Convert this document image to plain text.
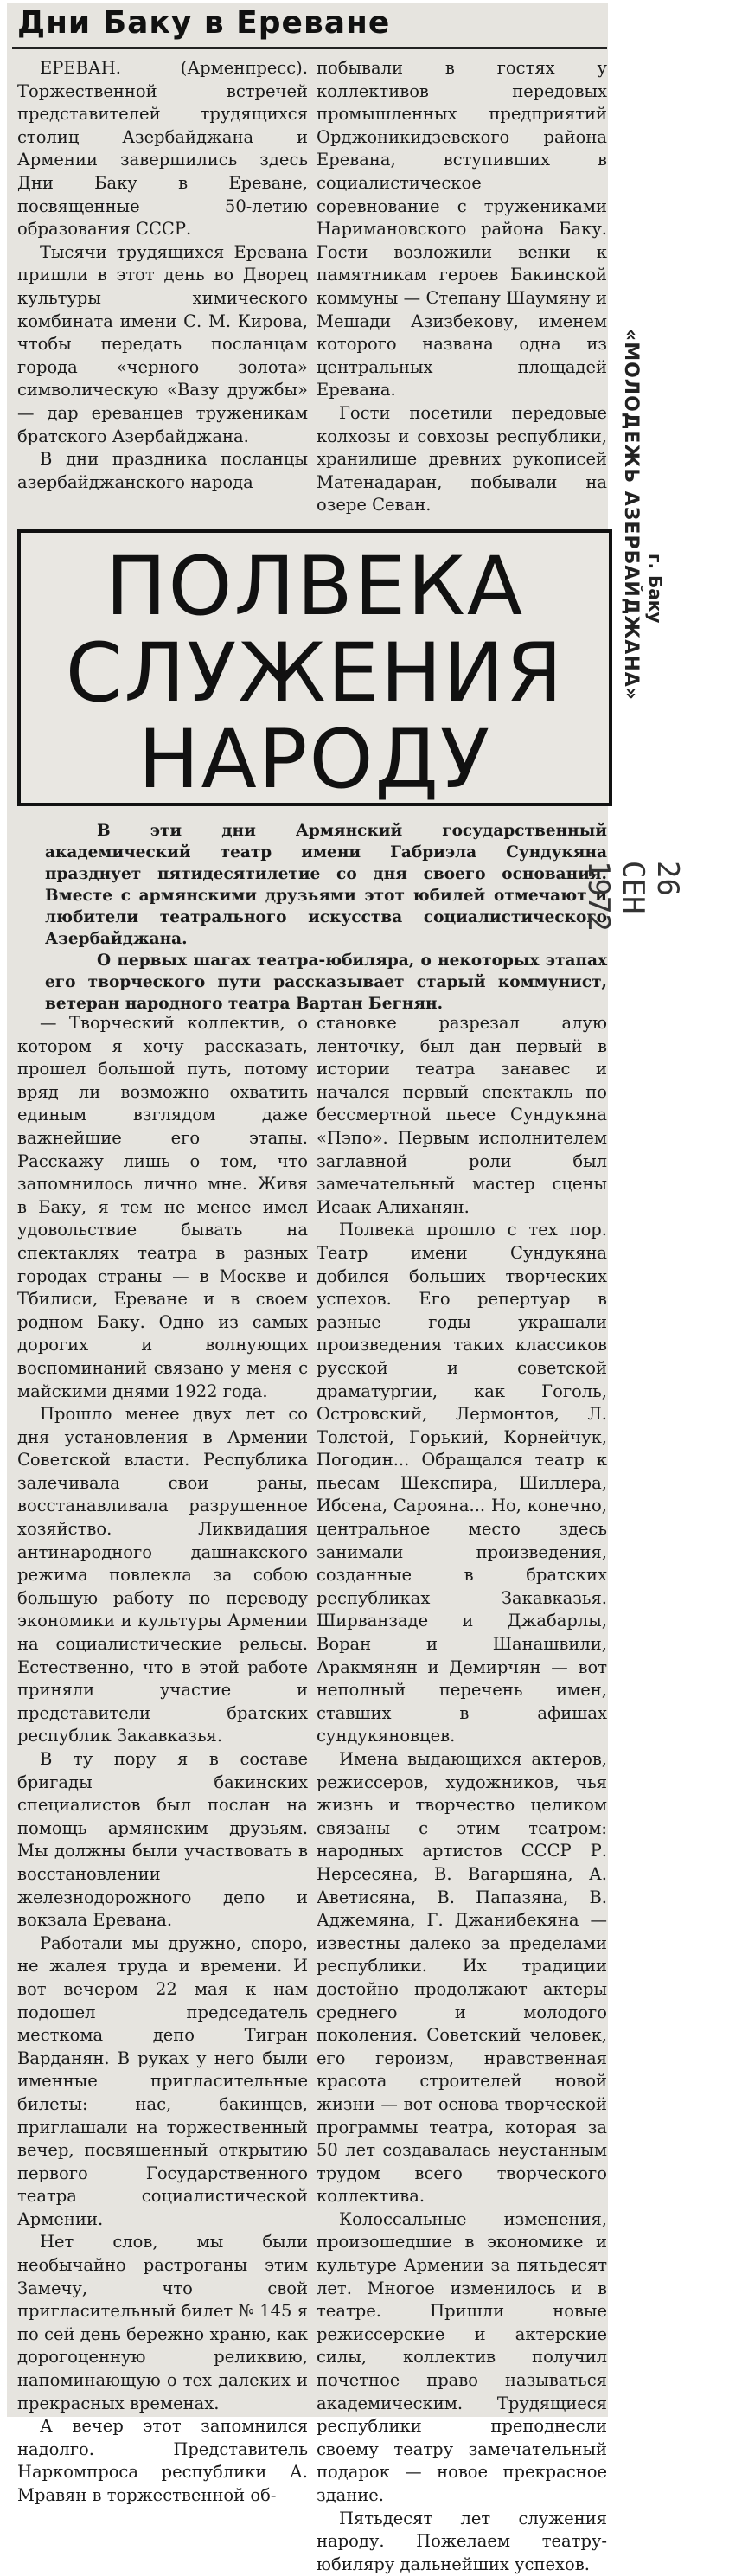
Дни Баку в Ереване

ЕРЕВАН. (Арменпресс). Торжественной встречей представителей трудящихся столиц Азербайджана и Армении завершились здесь Дни Баку в Ереване, посвященные 50-летию образования СССР.

Тысячи трудящихся Еревана пришли в этот день во Дворец культуры химического комбината имени С. М. Кирова, чтобы передать посланцам города «черного золота» символическую «Вазу дружбы» — дар ереванцев труженикам братского Азербайджана.

В дни праздника посланцы азербайджанского народа

побывали в гостях у коллективов передовых промышленных предприятий Орджоникидзевского района Еревана, вступивших в социалистическое соревнование с тружениками Наримановского района Баку. Гости возложили венки к памятникам героев Бакинской коммуны — Степану Шаумяну и Мешади Азизбекову, именем которого названа одна из центральных площадей Еревана.

Гости посетили передовые колхозы и совхозы республики, хранилище древних рукописей Матенадаран, побывали на озере Севан.

ПОЛВЕКА
СЛУЖЕНИЯ
НАРОДУ

В эти дни Армянский государственный академический театр имени Габриэла Сундукяна празднует пятидесятилетие со дня своего основания. Вместе с армянскими друзьями этот юбилей отмечают и любители театрального искусства социалистического Азербайджана.

О первых шагах театра-юбиляра, о некоторых этапах его творческого пути рассказывает старый коммунист, ветеран народного театра Вартан Бегнян.

— Творческий коллектив, о котором я хочу рассказать, прошел большой путь, потому вряд ли возможно охватить единым взглядом даже важнейшие его этапы. Расскажу лишь о том, что запомнилось лично мне. Живя в Баку, я тем не менее имел удовольствие бывать на спектаклях театра в разных городах страны — в Москве и Тбилиси, Ереване и в своем родном Баку. Одно из самых дорогих и волнующих воспоминаний связано у меня с майскими днями 1922 года.

Прошло менее двух лет со дня установления в Армении Советской власти. Республика залечивала свои раны, восстанавливала разрушенное хозяйство. Ликвидация антинародного дашнакского режима повлекла за собою большую работу по переводу экономики и культуры Армении на социалистические рельсы. Естественно, что в этой работе приняли участие и представители братских республик Закавказья.

В ту пору я в составе бригады бакинских специалистов был послан на помощь армянским друзьям. Мы должны были участвовать в восстановлении железнодорожного депо и вокзала Еревана.

Работали мы дружно, споро, не жалея труда и времени. И вот вечером 22 мая к нам подошел председатель месткома депо Тигран Варданян. В руках у него были именные пригласительные билеты: нас, бакинцев, приглашали на торжественный вечер, посвященный открытию первого Государственного театра социалистической Армении.

Нет слов, мы были необычайно растроганы этим Замечу, что свой пригласительный билет № 145 я по сей день бережно храню, как дорогоценную реликвию, напоминающую о тех далеких и прекрасных временах.

А вечер этот запомнился надолго. Представитель Наркомпроса республики А. Мравян в торжественной об-

становке разрезал алую ленточку, был дан первый в истории театра занавес и начался первый спектакль по бессмертной пьесе Сундукяна «Пэпо». Первым исполнителем заглавной роли был замечательный мастер сцены Исаак Алиханян.

Полвека прошло с тех пор. Театр имени Сундукяна добился больших творческих успехов. Его репертуар в разные годы украшали произведения таких классиков русской и советской драматургии, как Гоголь, Островский, Лермонтов, Л. Толстой, Горький, Корнейчук, Погодин... Обращался театр к пьесам Шекспира, Шиллера, Ибсена, Сарояна... Но, конечно, центральное место здесь занимали произведения, созданные в братских республиках Закавказья. Ширванзаде и Джабарлы, Воран и Шанашвили, Аракмянян и Демирчян — вот неполный перечень имен, ставших в афишах сундукяновцев.

Имена выдающихся актеров, режиссеров, художников, чья жизнь и творчество целиком связаны с этим театром: народных артистов СССР Р. Нерсесяна, В. Вагаршяна, А. Аветисяна, В. Папазяна, В. Аджемяна, Г. Джанибекяна — известны далеко за пределами республики. Их традиции достойно продолжают актеры среднего и молодого поколения. Советский человек, его героизм, нравственная красота строителей новой жизни — вот основа творческой программы театра, которая за 50 лет создавалась неустанным трудом всего творческого коллектива.

Колоссальные изменения, произошедшие в экономике и культуре Армении за пятьдесят лет. Многое изменилось и в театре. Пришли новые режиссерские и актерские силы, коллектив получил почетное право называться академическим. Трудящиеся республики преподнесли своему театру замечательный подарок — новое прекрасное здание.

Пятьдесят лет служения народу. Пожелаем театру-юбиляру дальнейших успехов.

«МОЛОДЕЖЬ АЗЕРБАЙДЖАНА» г. Баку
26 СЕН 1972
